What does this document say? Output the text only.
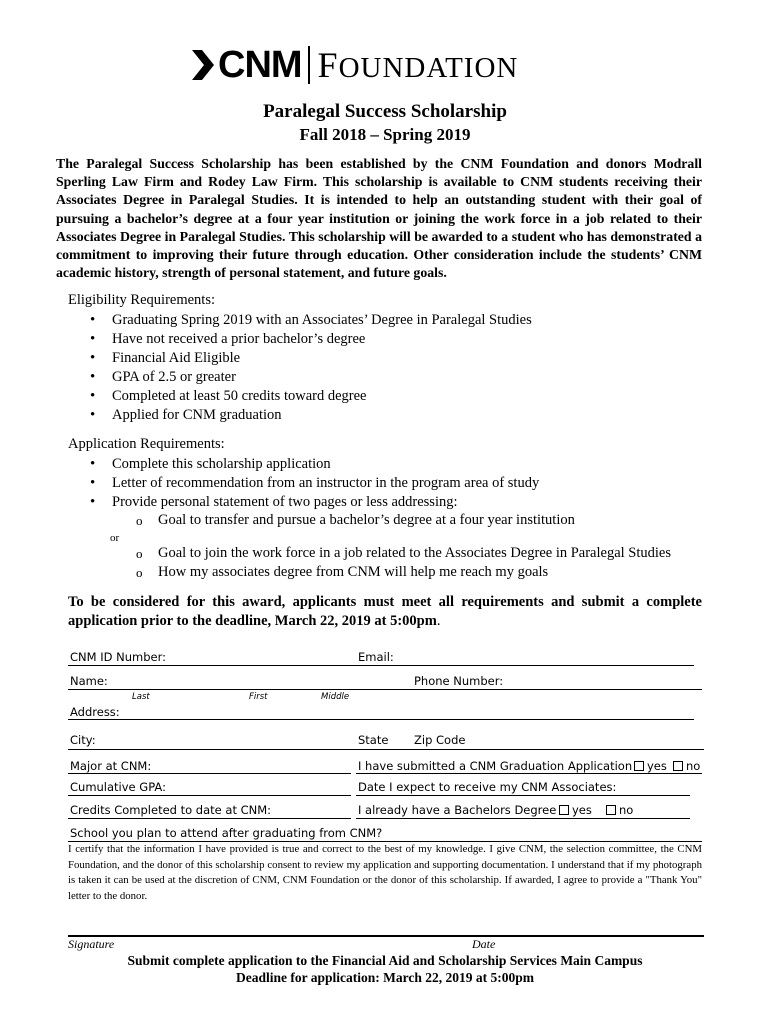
CNM FOUNDATION
Paralegal Success Scholarship
Fall 2018 – Spring 2019
The Paralegal Success Scholarship has been established by the CNM Foundation and donors Modrall Sperling Law Firm and Rodey Law Firm. This scholarship is available to CNM students receiving their Associates Degree in Paralegal Studies. It is intended to help an outstanding student with their goal of pursuing a bachelor’s degree at a four year institution or joining the work force in a job related to their Associates Degree in Paralegal Studies. This scholarship will be awarded to a student who has demonstrated a commitment to improving their future through education. Other consideration include the students’ CNM academic history, strength of personal statement, and future goals.
Eligibility Requirements:
• Graduating Spring 2019 with an Associates’ Degree in Paralegal Studies
• Have not received a prior bachelor’s degree
• Financial Aid Eligible
• GPA of 2.5 or greater
• Completed at least 50 credits toward degree
• Applied for CNM graduation
Application Requirements:
• Complete this scholarship application
• Letter of recommendation from an instructor in the program area of study
• Provide personal statement of two pages or less addressing:
o Goal to transfer and pursue a bachelor’s degree at a four year institution
or
o Goal to join the work force in a job related to the Associates Degree in Paralegal Studies
o How my associates degree from CNM will help me reach my goals
To be considered for this award, applicants must meet all requirements and submit a complete application prior to the deadline, March 22, 2019 at 5:00pm.
CNM ID Number:	Email:
Name:	Phone Number:
Last	First	Middle
Address:
City:	State Zip Code
Major at CNM:	I have submitted a CNM Graduation Application	yes	no
Cumulative GPA:	Date I expect to receive my CNM Associates:
Credits Completed to date at CNM:	I already have a Bachelors Degree	yes	no
School you plan to attend after graduating from CNM?
I certify that the information I have provided is true and correct to the best of my knowledge. I give CNM, the selection committee, the CNM Foundation, and the donor of this scholarship consent to review my application and supporting documentation. I understand that if my photograph is taken it can be used at the discretion of CNM, CNM Foundation or the donor of this scholarship. If awarded, I agree to provide a "Thank You" letter to the donor.
Signature	Date
Submit complete application to the Financial Aid and Scholarship Services Main Campus
Deadline for application: March 22, 2019 at 5:00pm
